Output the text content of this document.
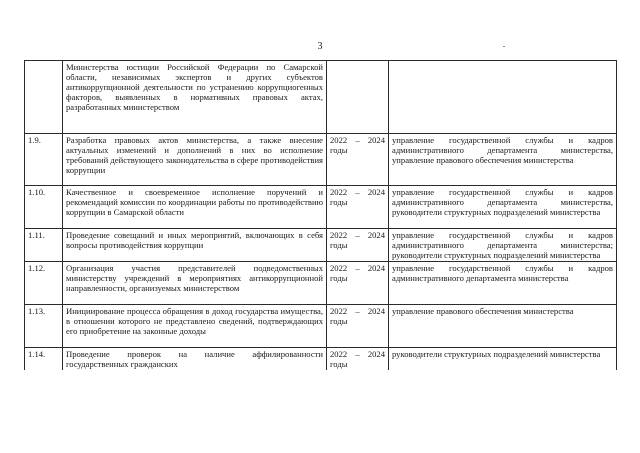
3
	Министерства юстиции Российской Федерации по Самарской области, независимых экспертов и других субъектов антикоррупционной деятельности по устранению коррупциогенных факторов, выявленных в нормативных правовых актах, разработанных министерством		
1.9.	Разработка правовых актов министерства, а также внесение актуальных изменений и дополнений в них во исполнение требований действующего законодательства в сфере противодействия коррупции	2022 – 2024 годы	управление государственной службы и кадров административного департамента министерства, управление правового обеспечения министерства
1.10.	Качественное и своевременное исполнение поручений и рекомендаций комиссии по координации работы по противодействию коррупции в Самарской области	2022 – 2024 годы	управление государственной службы и кадров административного департамента министерства, руководители структурных подразделений министерства
1.11.	Проведение совещаний и иных мероприятий, включающих в себя вопросы противодействия коррупции	2022 – 2024 годы	управление государственной службы и кадров административного департамента министерства; руководители структурных подразделений министерства
1.12.	Организация участия представителей подведомственных министерству учреждений в мероприятиях антикоррупционной направленности, организуемых министерством	2022 – 2024 годы	управление государственной службы и кадров административного департамента министерства
1.13.	Инициирование процесса обращения в доход государства имущества, в отношении которого не представлено сведений, подтверждающих его приобретение на законные доходы	2022 – 2024 годы	управление правового обеспечения министерства
1.14.	Проведение проверок на наличие аффилированности государственных гражданских	2022 – 2024 годы	руководители структурных подразделений министерства
